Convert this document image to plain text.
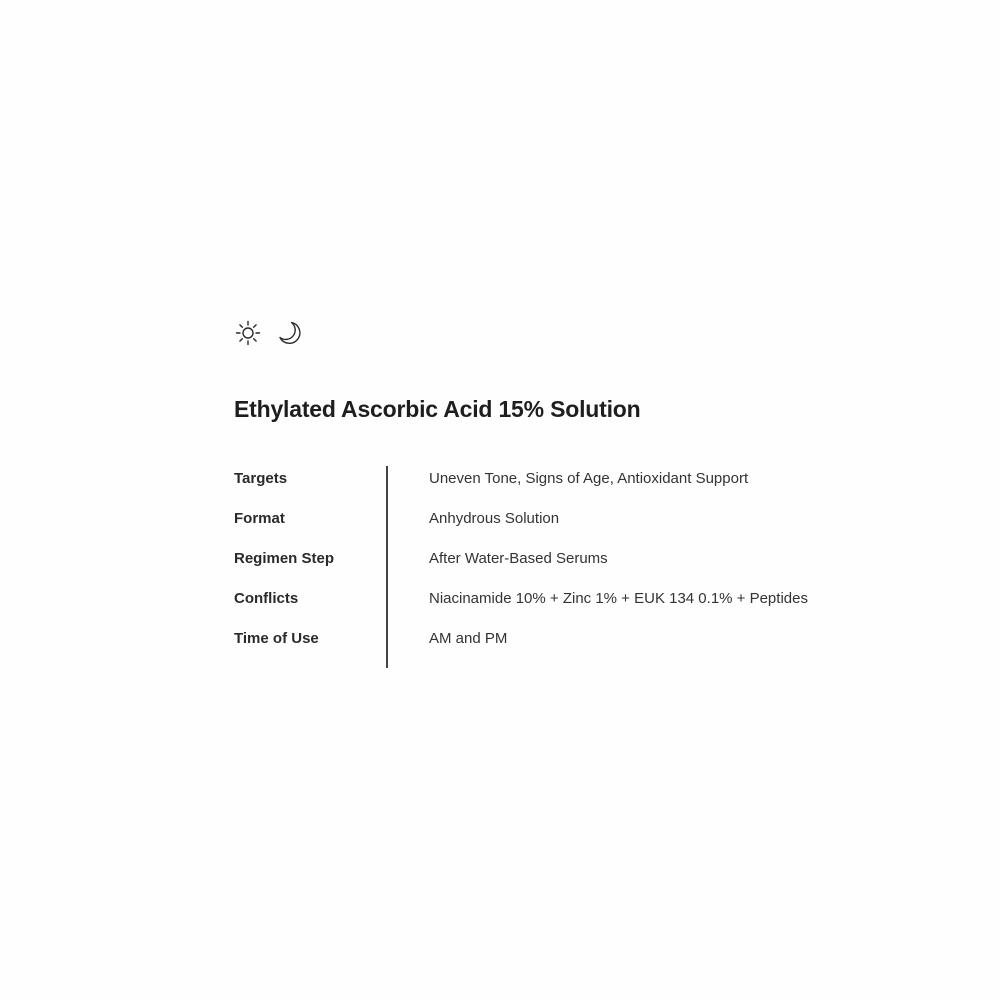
Ethylated Ascorbic Acid 15% Solution
Targets	Uneven Tone, Signs of Age, Antioxidant Support
Format	Anhydrous Solution
Regimen Step	After Water-Based Serums
Conflicts	Niacinamide 10% + Zinc 1% + EUK 134 0.1% + Peptides
Time of Use	AM and PM
